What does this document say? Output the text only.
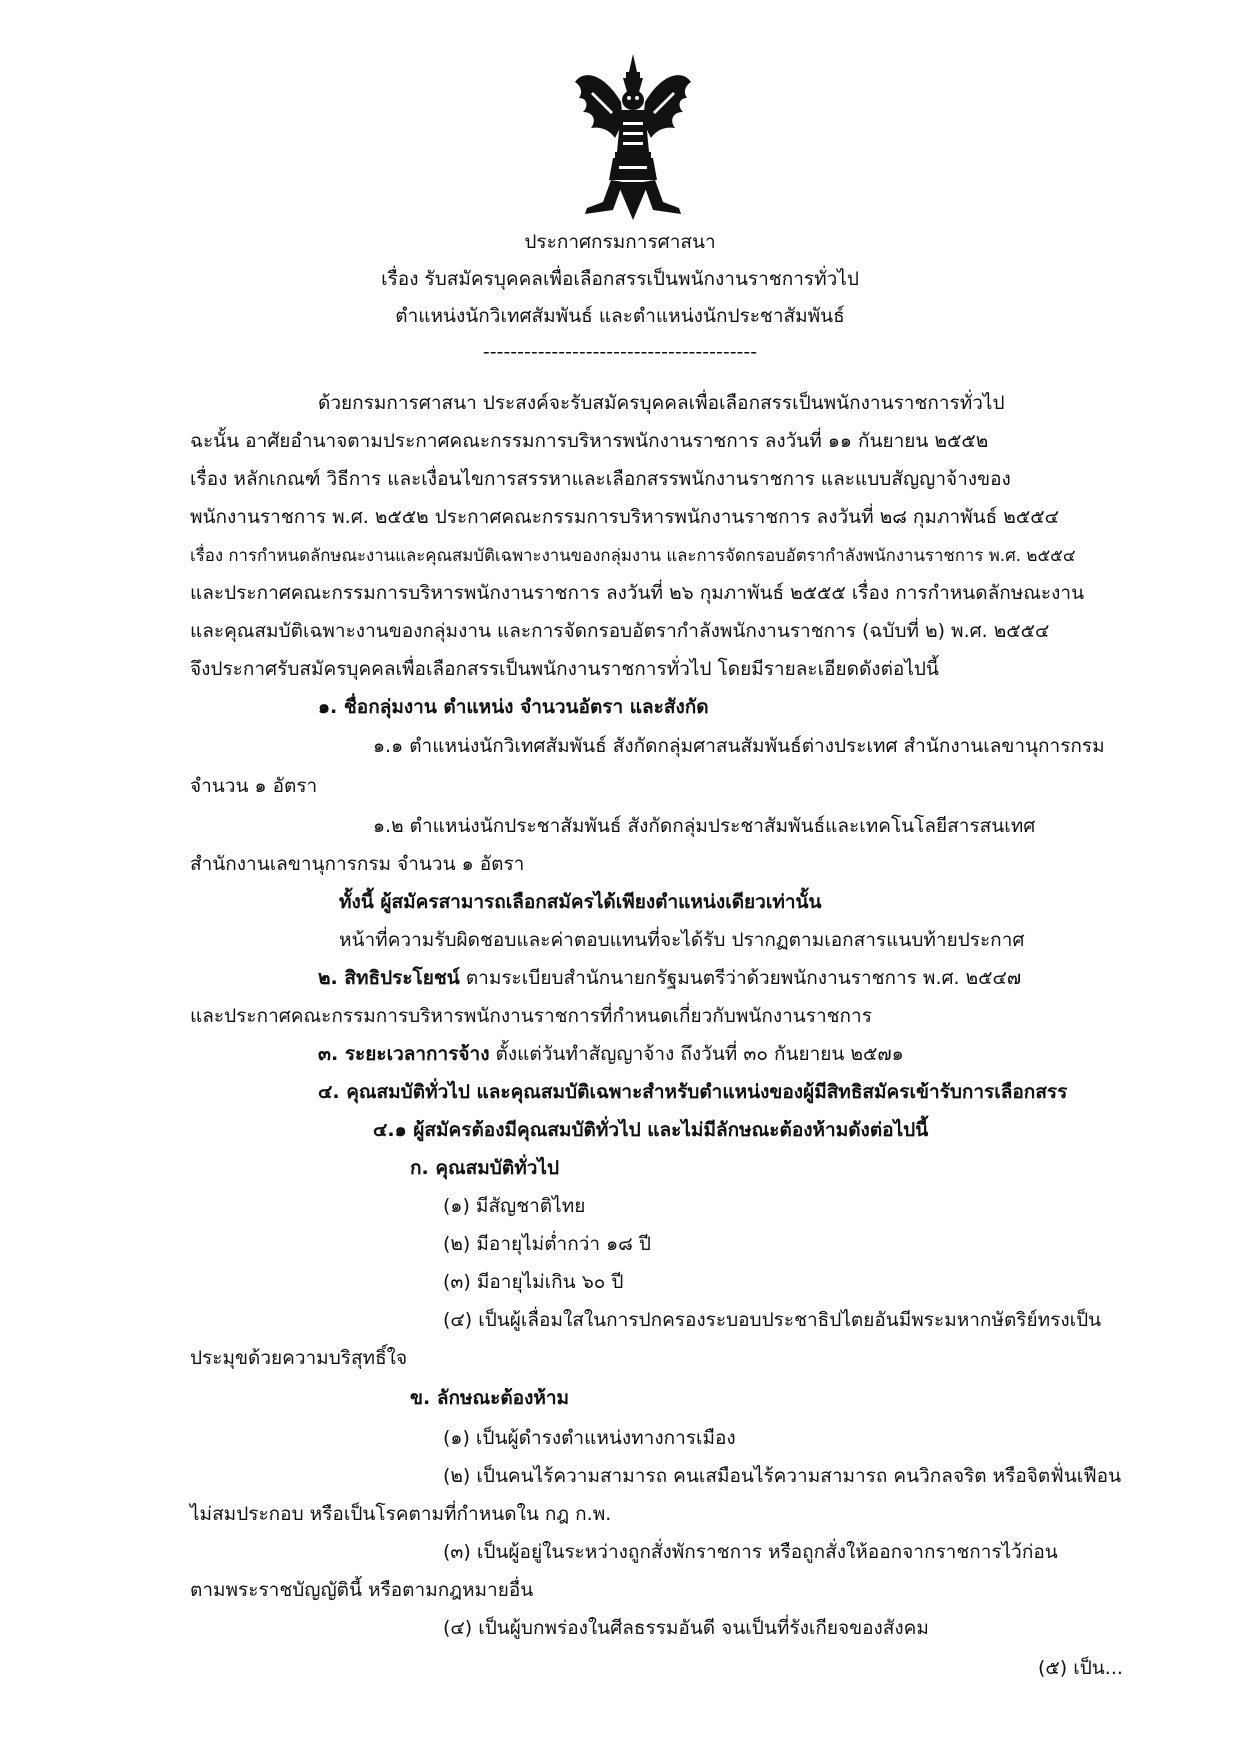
ประกาศกรมการศาสนา
เรื่อง รับสมัครบุคคลเพื่อเลือกสรรเป็นพนักงานราชการทั่วไป
ตำแหน่งนักวิเทศสัมพันธ์ และตำแหน่งนักประชาสัมพันธ์
----------------------------------------
ด้วยกรมการศาสนา ประสงค์จะรับสมัครบุคคลเพื่อเลือกสรรเป็นพนักงานราชการทั่วไป
ฉะนั้น อาศัยอำนาจตามประกาศคณะกรรมการบริหารพนักงานราชการ ลงวันที่ ๑๑ กันยายน ๒๕๕๒
เรื่อง หลักเกณฑ์ วิธีการ และเงื่อนไขการสรรหาและเลือกสรรพนักงานราชการ และแบบสัญญาจ้างของ
พนักงานราชการ พ.ศ. ๒๕๕๒ ประกาศคณะกรรมการบริหารพนักงานราชการ ลงวันที่ ๒๘ กุมภาพันธ์ ๒๕๕๔
เรื่อง การกำหนดลักษณะงานและคุณสมบัติเฉพาะงานของกลุ่มงาน และการจัดกรอบอัตรากำลังพนักงานราชการ พ.ศ. ๒๕๕๔
และประกาศคณะกรรมการบริหารพนักงานราชการ ลงวันที่ ๒๖ กุมภาพันธ์ ๒๕๕๕ เรื่อง การกำหนดลักษณะงาน
และคุณสมบัติเฉพาะงานของกลุ่มงาน และการจัดกรอบอัตรากำลังพนักงานราชการ (ฉบับที่ ๒) พ.ศ. ๒๕๕๔
จึงประกาศรับสมัครบุคคลเพื่อเลือกสรรเป็นพนักงานราชการทั่วไป โดยมีรายละเอียดดังต่อไปนี้
๑. ชื่อกลุ่มงาน ตำแหน่ง จำนวนอัตรา และสังกัด
๑.๑ ตำแหน่งนักวิเทศสัมพันธ์ สังกัดกลุ่มศาสนสัมพันธ์ต่างประเทศ สำนักงานเลขานุการกรม
จำนวน ๑ อัตรา
๑.๒ ตำแหน่งนักประชาสัมพันธ์ สังกัดกลุ่มประชาสัมพันธ์และเทคโนโลยีสารสนเทศ
สำนักงานเลขานุการกรม จำนวน ๑ อัตรา
ทั้งนี้ ผู้สมัครสามารถเลือกสมัครได้เพียงตำแหน่งเดียวเท่านั้น
หน้าที่ความรับผิดชอบและค่าตอบแทนที่จะได้รับ ปรากฏตามเอกสารแนบท้ายประกาศ
๒. สิทธิประโยชน์ ตามระเบียบสำนักนายกรัฐมนตรีว่าด้วยพนักงานราชการ พ.ศ. ๒๕๔๗
และประกาศคณะกรรมการบริหารพนักงานราชการที่กำหนดเกี่ยวกับพนักงานราชการ
๓. ระยะเวลาการจ้าง ตั้งแต่วันทำสัญญาจ้าง ถึงวันที่ ๓๐ กันยายน ๒๕๗๑
๔. คุณสมบัติทั่วไป และคุณสมบัติเฉพาะสำหรับตำแหน่งของผู้มีสิทธิสมัครเข้ารับการเลือกสรร
๔.๑ ผู้สมัครต้องมีคุณสมบัติทั่วไป และไม่มีลักษณะต้องห้ามดังต่อไปนี้
ก. คุณสมบัติทั่วไป
(๑) มีสัญชาติไทย
(๒) มีอายุไม่ต่ำกว่า ๑๘ ปี
(๓) มีอายุไม่เกิน ๖๐ ปี
(๔) เป็นผู้เลื่อมใสในการปกครองระบอบประชาธิปไตยอันมีพระมหากษัตริย์ทรงเป็น
ประมุขด้วยความบริสุทธิ์ใจ
ข. ลักษณะต้องห้าม
(๑) เป็นผู้ดำรงตำแหน่งทางการเมือง
(๒) เป็นคนไร้ความสามารถ คนเสมือนไร้ความสามารถ คนวิกลจริต หรือจิตฟั่นเฟือน
ไม่สมประกอบ หรือเป็นโรคตามที่กำหนดใน กฎ ก.พ.
(๓) เป็นผู้อยู่ในระหว่างถูกสั่งพักราชการ หรือถูกสั่งให้ออกจากราชการไว้ก่อน
ตามพระราชบัญญัตินี้ หรือตามกฎหมายอื่น
(๔) เป็นผู้บกพร่องในศีลธรรมอันดี จนเป็นที่รังเกียจของสังคม
(๕) เป็น...
